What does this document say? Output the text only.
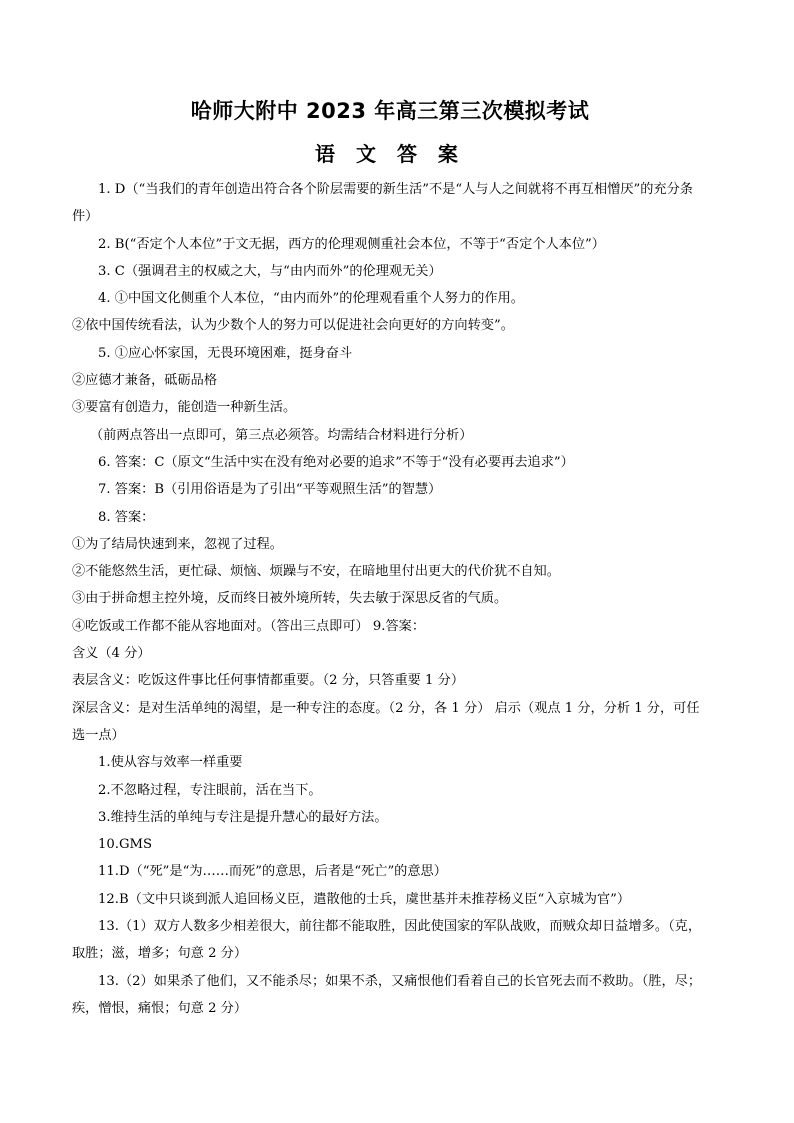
哈师大附中 2023 年高三第三次模拟考试
语 文 答 案

1. D（“当我们的青年创造出符合各个阶层需要的新生活”不是“人与人之间就将不再互相憎厌”的充分条件）

2. B(“否定个人本位”于文无据，西方的伦理观侧重社会本位，不等于“否定个人本位”）

3. C（强调君主的权威之大，与“由内而外”的伦理观无关）

4. ①中国文化侧重个人本位，“由内而外”的伦理观看重个人努力的作用。

②依中国传统看法，认为少数个人的努力可以促进社会向更好的方向转变”。

5. ①应心怀家国，无畏环境困难，挺身奋斗

②应德才兼备，砥砺品格

③要富有创造力，能创造一种新生活。

（前两点答出一点即可，第三点必须答。均需结合材料进行分析）

6. 答案：C（原文“生活中实在没有绝对必要的追求”不等于“没有必要再去追求”）

7. 答案：B（引用俗语是为了引出“平等观照生活”的智慧）

8. 答案：

①为了结局快速到来，忽视了过程。

②不能悠然生活，更忙碌、烦恼、烦躁与不安，在暗地里付出更大的代价犹不自知。

③由于拼命想主控外境，反而终日被外境所转，失去敏于深思反省的气质。

④吃饭或工作都不能从容地面对。（答出三点即可） 9.答案：

含义（4 分）

表层含义：吃饭这件事比任何事情都重要。（2 分，只答重要 1 分）

深层含义：是对生活单纯的渴望，是一种专注的态度。（2 分，各 1 分） 启示（观点 1 分，分析 1 分，可任选一点）

1.使从容与效率一样重要

2.不忽略过程，专注眼前，活在当下。

3.维持生活的单纯与专注是提升慧心的最好方法。

10.GMS

11.D（“死”是“为……而死”的意思，后者是“死亡”的意思）

12.B（文中只谈到派人追回杨义臣，遣散他的士兵，虞世基并未推荐杨义臣“入京城为官”）

13.（1）双方人数多少相差很大，前往都不能取胜，因此使国家的军队战败，而贼众却日益增多。（克， 取胜；滋，增多；句意 2 分）

13.（2）如果杀了他们，又不能杀尽；如果不杀，又痛恨他们看着自己的长官死去而不救助。（胜，尽； 疾，憎恨，痛恨；句意 2 分）
